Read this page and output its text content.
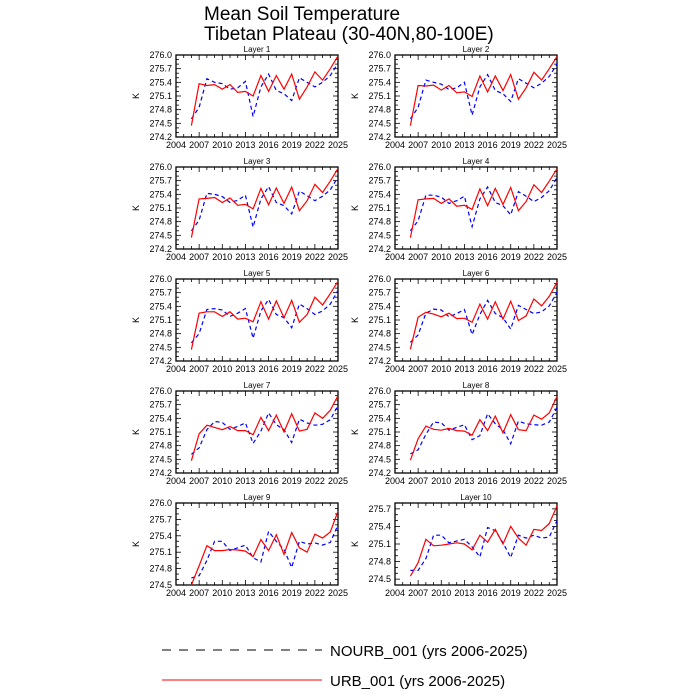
Mean Soil Temperature
Tibetan Plateau (30-40N,80-100E)
Layer 1
2004 2007 2010 2013 2016 2019 2022 2025
274.2
274.5
274.8
275.1
275.4
275.7
276.0
K
Layer 2
2004 2007 2010 2013 2016 2019 2022 2025
274.2
274.5
274.8
275.1
275.4
275.7
276.0
K
Layer 3
2004 2007 2010 2013 2016 2019 2022 2025
274.2
274.5
274.8
275.1
275.4
275.7
276.0
K
Layer 4
2004 2007 2010 2013 2016 2019 2022 2025
274.2
274.5
274.8
275.1
275.4
275.7
276.0
K
Layer 5
2004 2007 2010 2013 2016 2019 2022 2025
274.2
274.5
274.8
275.1
275.4
275.7
276.0
K
Layer 6
2004 2007 2010 2013 2016 2019 2022 2025
274.2
274.5
274.8
275.1
275.4
275.7
276.0
K
Layer 7
2004 2007 2010 2013 2016 2019 2022 2025
274.2
274.5
274.8
275.1
275.4
275.7
276.0
K
Layer 8
2004 2007 2010 2013 2016 2019 2022 2025
274.2
274.5
274.8
275.1
275.4
275.7
276.0
K
Layer 9
2004 2007 2010 2013 2016 2019 2022 2025
274.5
274.8
275.1
275.4
275.7
276.0
K
Layer 10
2004 2007 2010 2013 2016 2019 2022 2025
274.5
274.8
275.1
275.4
275.7
K
NOURB_001 (yrs 2006-2025)
URB_001 (yrs 2006-2025)
